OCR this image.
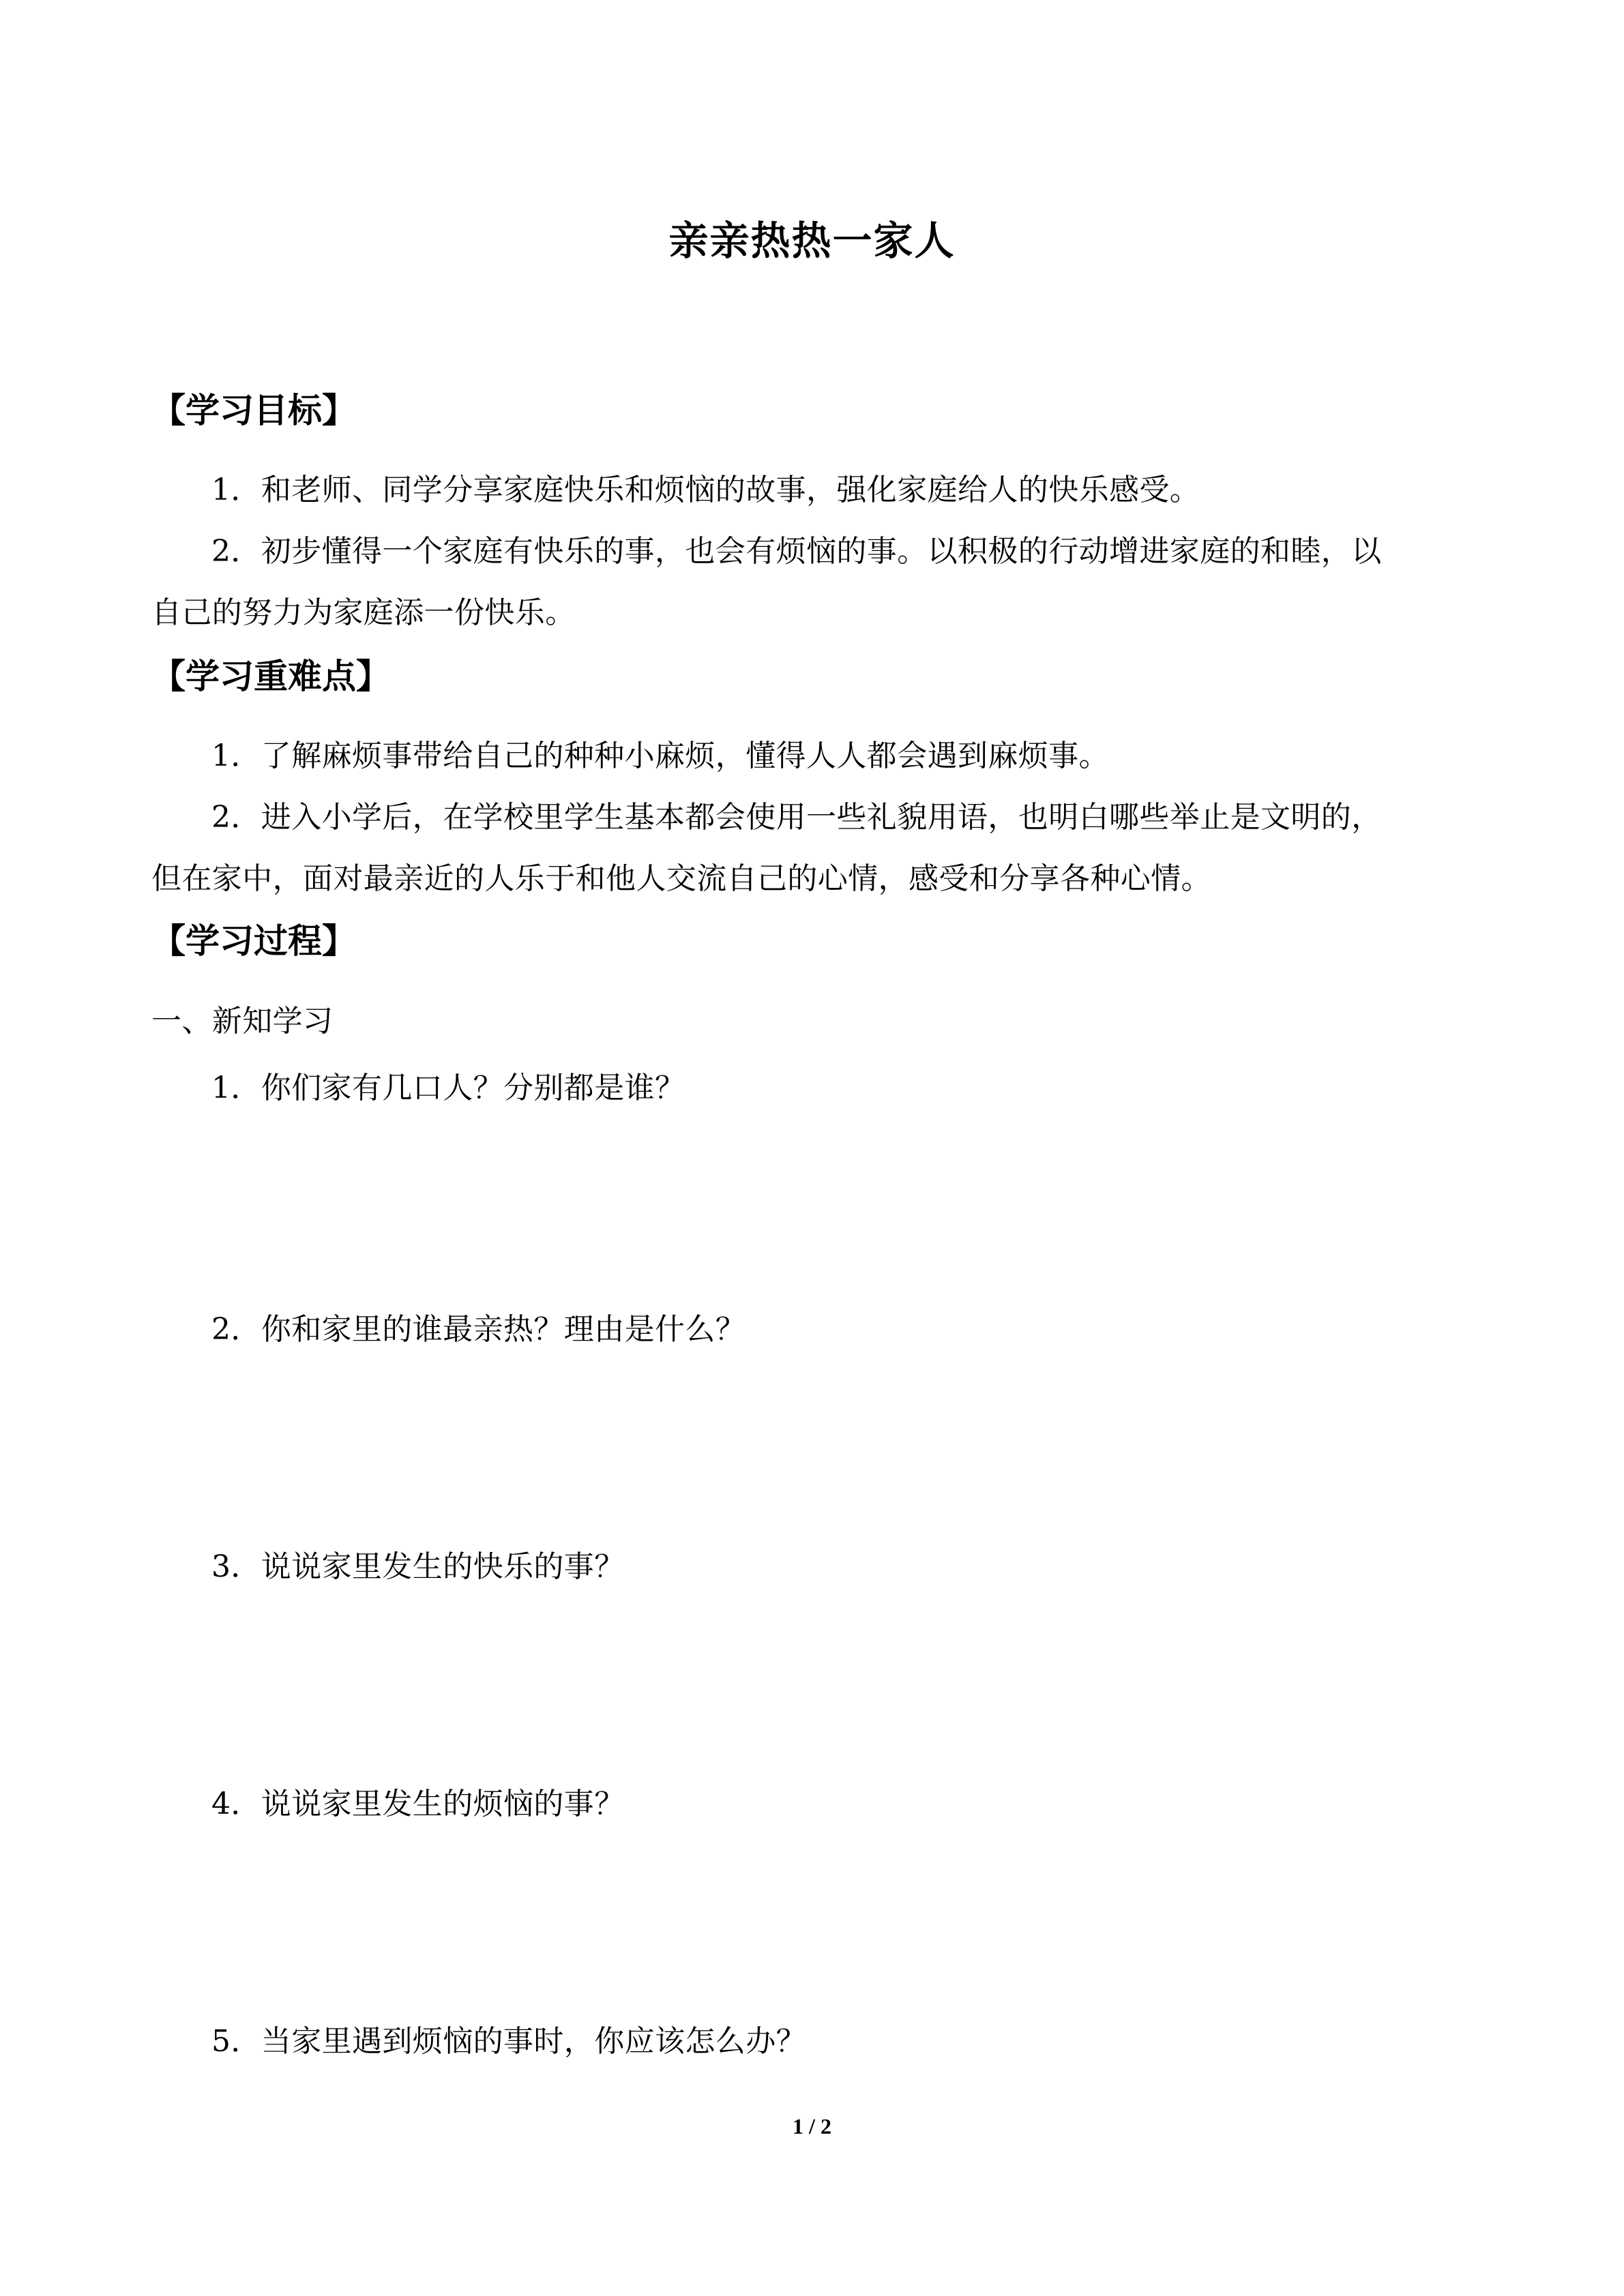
亲亲热热一家人
【学习目标】
1．和老师、同学分享家庭快乐和烦恼的故事，强化家庭给人的快乐感受。
2．初步懂得一个家庭有快乐的事，也会有烦恼的事。以积极的行动增进家庭的和睦，以
自己的努力为家庭添一份快乐。
【学习重难点】
1．了解麻烦事带给自己的种种小麻烦，懂得人人都会遇到麻烦事。
2．进入小学后，在学校里学生基本都会使用一些礼貌用语，也明白哪些举止是文明的，
但在家中，面对最亲近的人乐于和他人交流自己的心情，感受和分享各种心情。
【学习过程】
一、新知学习
1．你们家有几口人？分别都是谁？
2．你和家里的谁最亲热？理由是什么？
3．说说家里发生的快乐的事？
4．说说家里发生的烦恼的事？
5．当家里遇到烦恼的事时，你应该怎么办？
1 / 2
